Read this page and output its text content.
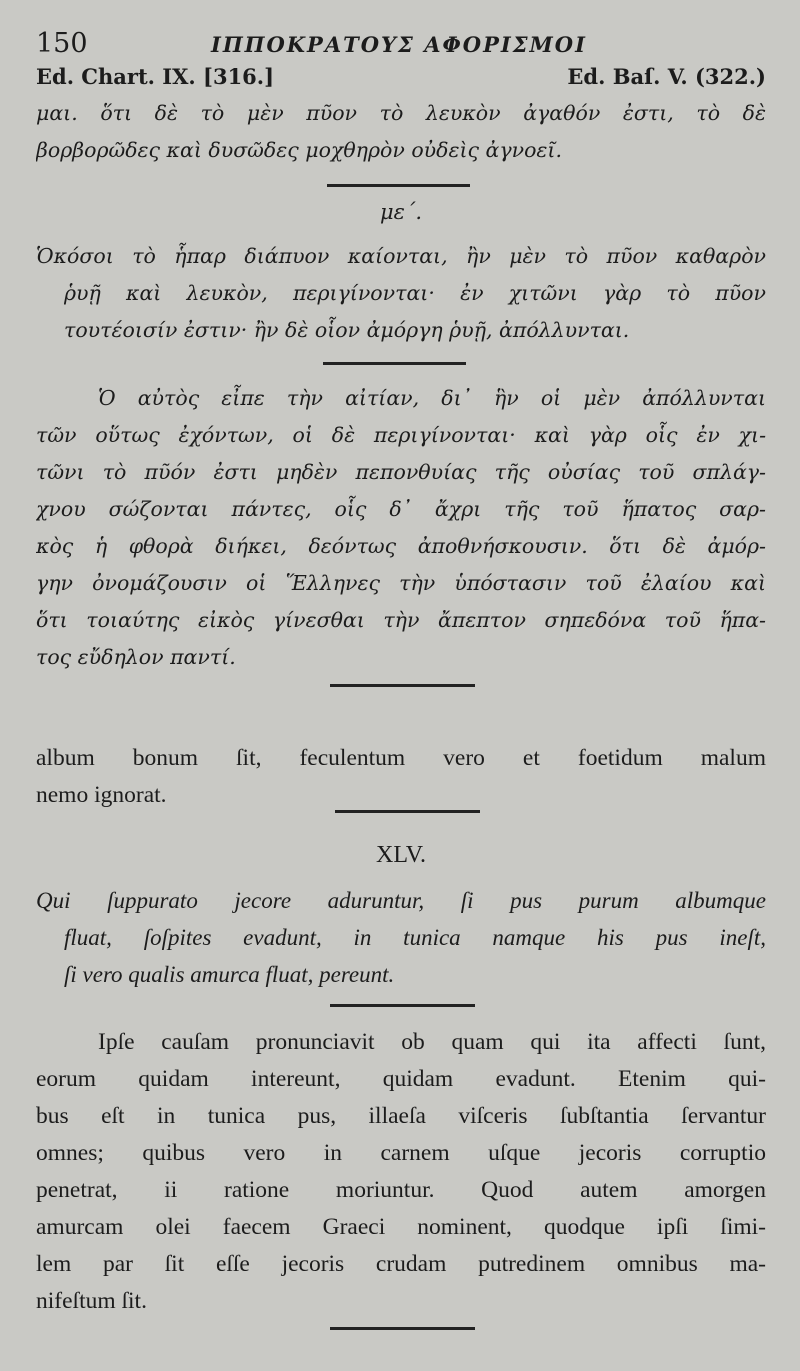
150	ΙΠΠΟΚΡΑΤΟΥΣ ΑΦΟΡΙΣΜΟΙ
Ed. Chart. IX. [316.]	Ed. Baſ. V. (322.)
μαι. ὅτι δὲ τὸ μὲν πῦον τὸ λευκὸν ἀγαθόν ἐστι, τὸ δὲ
βορβορῶδες καὶ δυσῶδες μοχθηρὸν οὐδεὶς ἀγνοεῖ.
με΄.
Ὁκόσοι τὸ ἧπαρ διάπυον καίονται, ἢν μὲν τὸ πῦον καθαρὸν
ῥυῇ καὶ λευκὸν, περιγίνονται· ἐν χιτῶνι γὰρ τὸ πῦον
τουτέοισίν ἐστιν· ἢν δὲ οἷον ἀμόργη ῥυῇ, ἀπόλλυνται.
Ὁ αὐτὸς εἶπε τὴν αἰτίαν, δι᾽ ἣν οἱ μὲν ἀπόλλυνται
τῶν οὕτως ἐχόντων, οἱ δὲ περιγίνονται· καὶ γὰρ οἷς ἐν χι-
τῶνι τὸ πῦόν ἐστι μηδὲν πεπονθυίας τῆς οὐσίας τοῦ σπλάγ-
χνου σώζονται πάντες, οἷς δ᾽ ἄχρι τῆς τοῦ ἥπατος σαρ-
κὸς ἡ φθορὰ διήκει, δεόντως ἀποθνήσκουσιν. ὅτι δὲ ἀμόρ-
γην ὀνομάζουσιν οἱ Ἕλληνες τὴν ὑπόστασιν τοῦ ἐλαίου καὶ
ὅτι τοιαύτης εἰκὸς γίνεσθαι τὴν ἄπεπτον σηπεδόνα τοῦ ἥπα-
τος εὔδηλον παντί.
album bonum ſit, feculentum vero et foetidum malum
nemo ignorat.
XLV.
Qui ſuppurato jecore aduruntur, ſi pus purum albumque
fluat, ſoſpites evadunt, in tunica namque his pus ineſt,
ſi vero qualis amurca fluat, pereunt.
Ipſe cauſam pronunciavit ob quam qui ita affecti ſunt,
eorum quidam intereunt, quidam evadunt. Etenim qui-
bus eſt in tunica pus, illaeſa viſceris ſubſtantia ſervantur
omnes; quibus vero in carnem uſque jecoris corruptio
penetrat, ii ratione moriuntur. Quod autem amorgen
amurcam olei faecem Graeci nominent, quodque ipſi ſimi-
lem par ſit eſſe jecoris crudam putredinem omnibus ma-
nifeſtum ſit.
